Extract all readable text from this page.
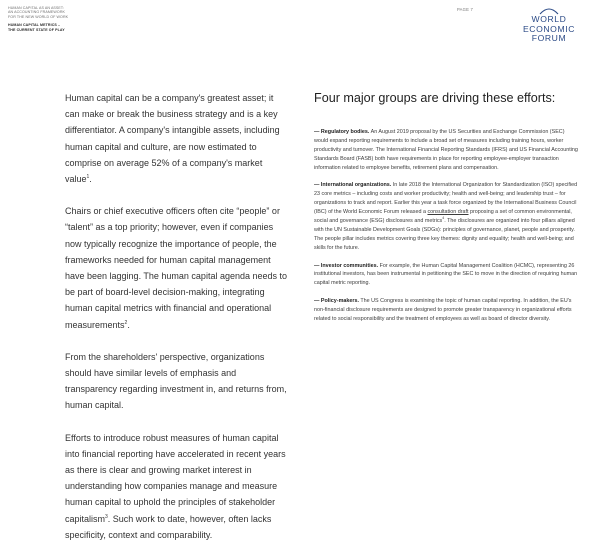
HUMAN CAPITAL AS AN ASSET:
AN ACCOUNTING FRAMEWORK
FOR THE NEW WORLD OF WORK
HUMAN CAPITAL METRICS –
THE CURRENT STATE OF PLAY
PAGE 7
WORLD
ECONOMIC
FORUM

Human capital can be a company's greatest asset; it can make or break the business strategy and is a key differentiator. A company's intangible assets, including human capital and culture, are now estimated to comprise on average 52% of a company's market value$^1$.

Chairs or chief executive officers often cite “people” or “talent” as a top priority; however, even if companies now typically recognize the importance of people, the frameworks needed for human capital management have been lagging. The human capital agenda needs to be part of board-level decision-making, integrating human capital metrics with financial and operational measurements$^2$.

From the shareholders' perspective, organizations should have similar levels of emphasis and transparency regarding investment in, and returns from, human capital.

Efforts to introduce robust measures of human capital into financial reporting have accelerated in recent years as there is clear and growing market interest in understanding how companies manage and measure human capital to uphold the principles of stakeholder capitalism$^3$. Such work to date, however, often lacks specificity, context and comparability.

Four major groups are driving these efforts:
— Regulatory bodies. An August 2019 proposal by the US Securities and Exchange Commission (SEC) would expand reporting requirements to include a broad set of measures including training hours, worker productivity and turnover. The International Financial Reporting Standards (IFRS) and US Financial Accounting Standards Board (FASB) both have requirements in place for reporting employee-employer transaction information related to employee benefits, retirement plans and compensation.
— International organizations. In late 2018 the International Organization for Standardization (ISO) specified 23 core metrics – including costs and worker productivity; health and well-being; and leadership trust – for organizations to track and report. Earlier this year a task force organized by the International Business Council (IBC) of the World Economic Forum released a consultation draft proposing a set of common environmental, social and governance (ESG) disclosures and metrics$^4$. The disclosures are organized into four pillars aligned with the UN Sustainable Development Goals (SDGs): principles of governance, planet, people and prosperity. The people pillar includes metrics covering three key themes: dignity and equality; health and well-being; and skills for the future.
— Investor communities. For example, the Human Capital Management Coalition (HCMC), representing 26 institutional investors, has been instrumental in petitioning the SEC to move in the direction of requiring human capital metric reporting.
— Policy-makers. The US Congress is examining the topic of human capital reporting. In addition, the EU's non-financial disclosure requirements are designed to promote greater transparency in organizational efforts related to social responsibility and the treatment of employees as well as board of director diversity.
